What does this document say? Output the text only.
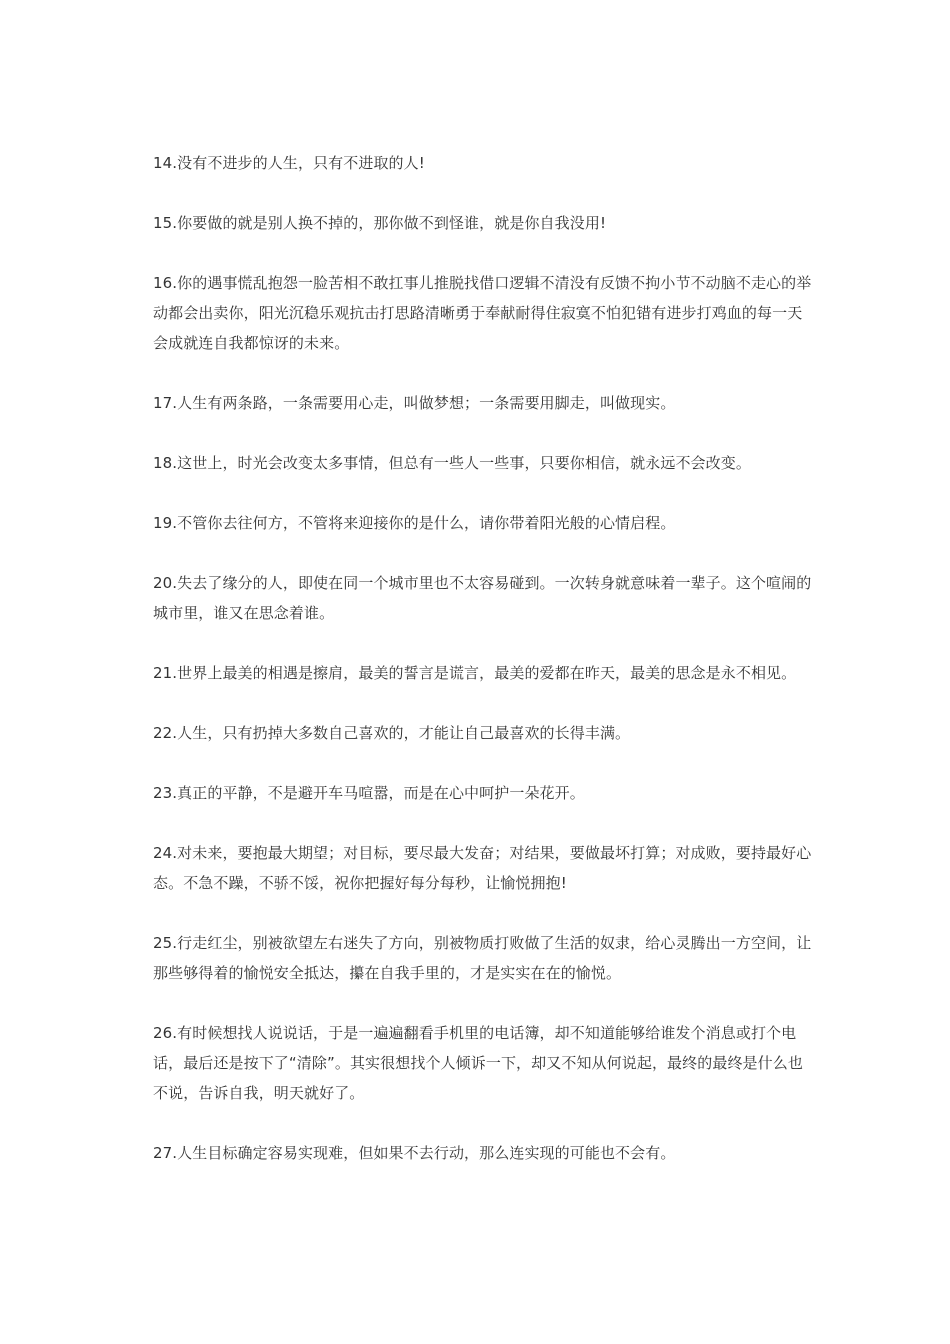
14.没有不进步的人生，只有不进取的人!

15.你要做的就是别人换不掉的，那你做不到怪谁，就是你自我没用!

16.你的遇事慌乱抱怨一脸苦相不敢扛事儿推脱找借口逻辑不清没有反馈不拘小节不动脑不走心的举动都会出卖你，阳光沉稳乐观抗击打思路清晰勇于奉献耐得住寂寞不怕犯错有进步打鸡血的每一天会成就连自我都惊讶的未来。

17.人生有两条路，一条需要用心走，叫做梦想；一条需要用脚走，叫做现实。

18.这世上，时光会改变太多事情，但总有一些人一些事，只要你相信，就永远不会改变。

19.不管你去往何方，不管将来迎接你的是什么，请你带着阳光般的心情启程。

20.失去了缘分的人，即使在同一个城市里也不太容易碰到。一次转身就意味着一辈子。这个喧闹的城市里，谁又在思念着谁。

21.世界上最美的相遇是擦肩，最美的誓言是谎言，最美的爱都在昨天，最美的思念是永不相见。

22.人生，只有扔掉大多数自己喜欢的，才能让自己最喜欢的长得丰满。

23.真正的平静，不是避开车马喧嚣，而是在心中呵护一朵花开。

24.对未来，要抱最大期望；对目标，要尽最大发奋；对结果，要做最坏打算；对成败，要持最好心态。不急不躁，不骄不馁，祝你把握好每分每秒，让愉悦拥抱!

25.行走红尘，别被欲望左右迷失了方向，别被物质打败做了生活的奴隶，给心灵腾出一方空间，让那些够得着的愉悦安全抵达，攥在自我手里的，才是实实在在的愉悦。

26.有时候想找人说说话，于是一遍遍翻看手机里的电话簿，却不知道能够给谁发个消息或打个电话，最后还是按下了“清除”。其实很想找个人倾诉一下，却又不知从何说起，最终的最终是什么也不说，告诉自我，明天就好了。

27.人生目标确定容易实现难，但如果不去行动，那么连实现的可能也不会有。
